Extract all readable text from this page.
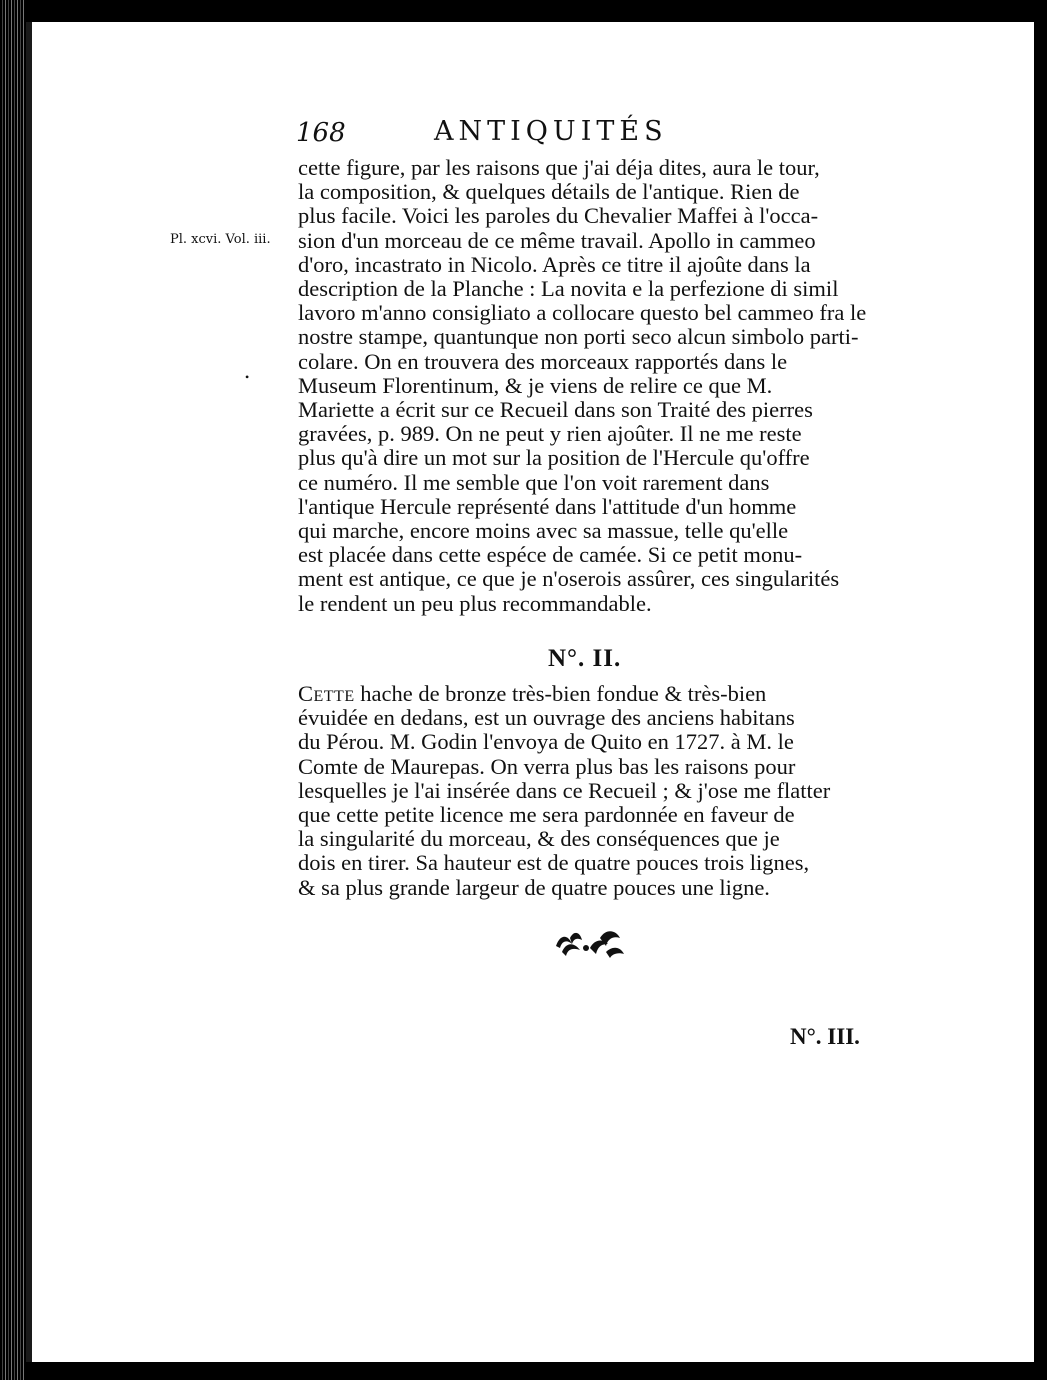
168	ANTIQUITÉS
Pl. xcvi. Vol. iii.
•
cette figure, par les raisons que j'ai déja dites, aura le tour,
la composition, & quelques détails de l'antique. Rien de
plus facile. Voici les paroles du Chevalier Maffei à l'occa-
sion d'un morceau de ce même travail. Apollo in cammeo
d'oro, incastrato in Nicolo. Après ce titre il ajoûte dans la
description de la Planche : La novita e la perfezione di simil
lavoro m'anno consigliato a collocare questo bel cammeo fra le
nostre stampe, quantunque non porti seco alcun simbolo parti-
colare. On en trouvera des morceaux rapportés dans le
Museum Florentinum, & je viens de relire ce que M.
Mariette a écrit sur ce Recueil dans son Traité des pierres
gravées, p. 989. On ne peut y rien ajoûter. Il ne me reste
plus qu'à dire un mot sur la position de l'Hercule qu'offre
ce numéro. Il me semble que l'on voit rarement dans
l'antique Hercule représenté dans l'attitude d'un homme
qui marche, encore moins avec sa massue, telle qu'elle
est placée dans cette espéce de camée. Si ce petit monu-
ment est antique, ce que je n'oserois assûrer, ces singularités
le rendent un peu plus recommandable.
N°. II.
Cette hache de bronze très-bien fondue & très-bien
évuidée en dedans, est un ouvrage des anciens habitans
du Pérou. M. Godin l'envoya de Quito en 1727. à M. le
Comte de Maurepas. On verra plus bas les raisons pour
lesquelles je l'ai insérée dans ce Recueil ; & j'ose me flatter
que cette petite licence me sera pardonnée en faveur de
la singularité du morceau, & des conséquences que je
dois en tirer. Sa hauteur est de quatre pouces trois lignes,
& sa plus grande largeur de quatre pouces une ligne.
N°. III.
